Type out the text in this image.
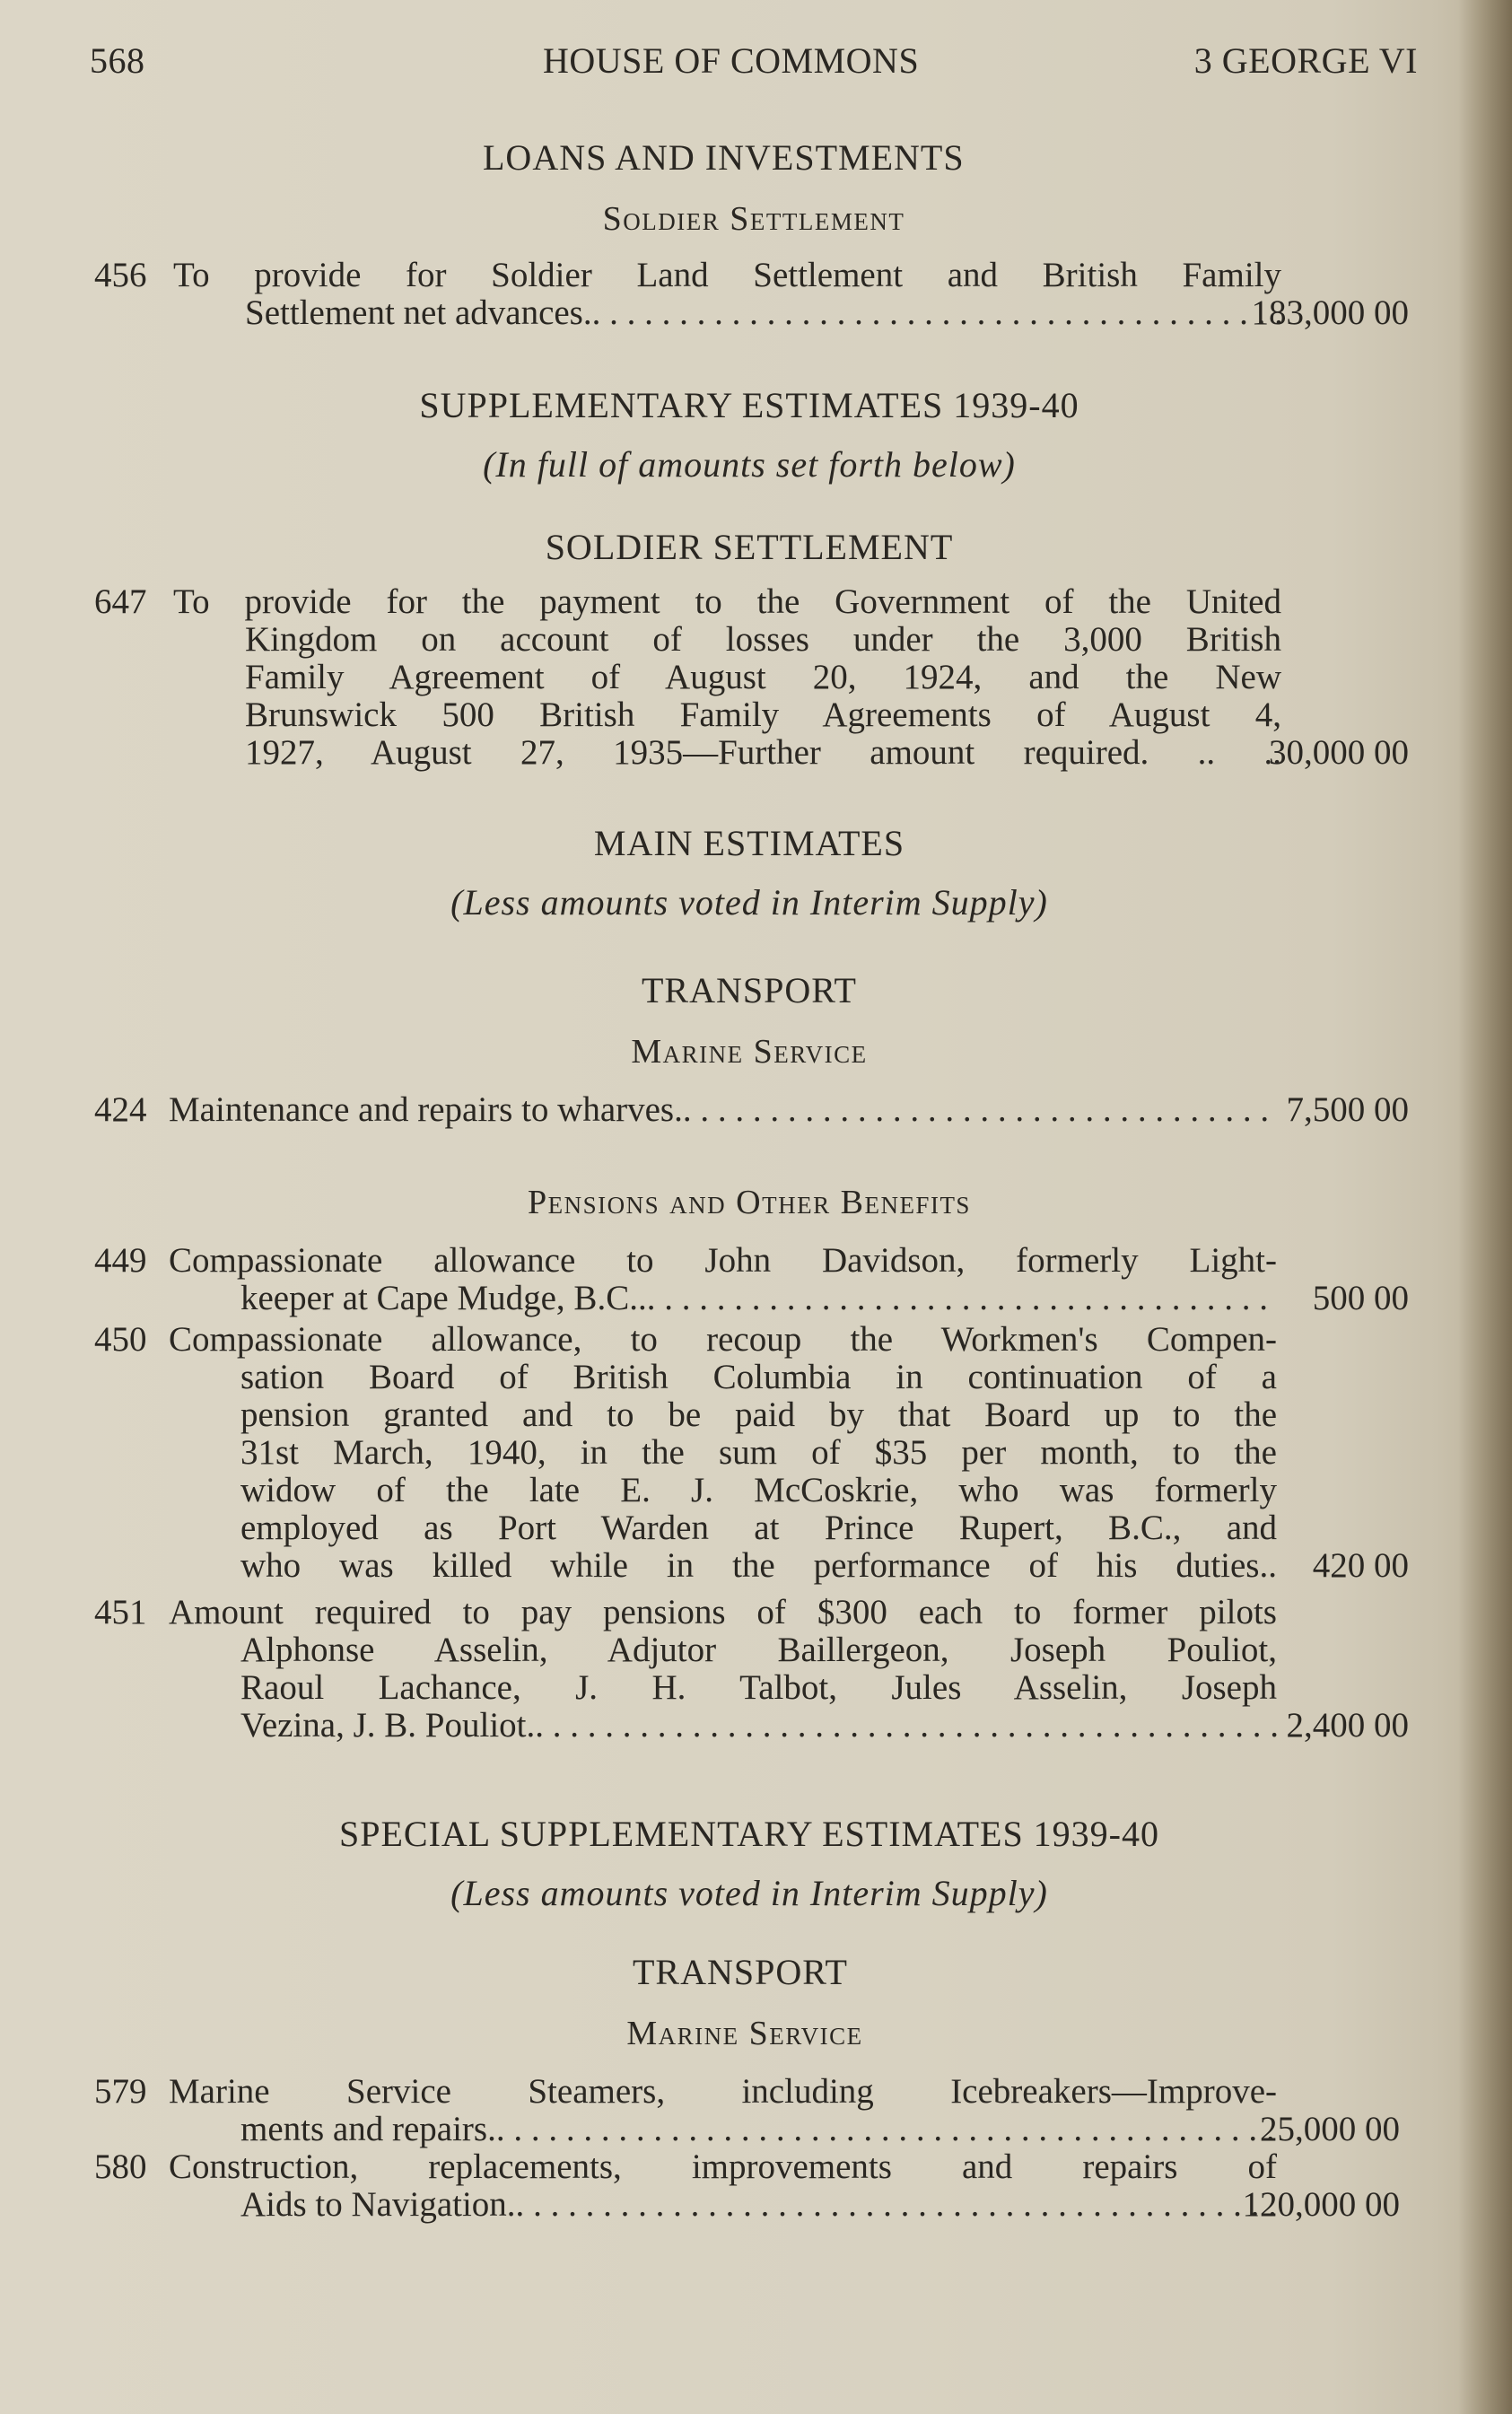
568	HOUSE OF COMMONS	3 GEORGE VI
LOANS AND INVESTMENTS
Soldier Settlement
456 To provide for Soldier Land Settlement and British Family
Settlement net advances.. . . .	183,000 00
SUPPLEMENTARY ESTIMATES 1939-40
(In full of amounts set forth below)
SOLDIER SETTLEMENT
647 To provide for the payment to the Government of the United
Kingdom on account of losses under the 3,000 British
Family Agreement of August 20, 1924, and the New
Brunswick 500 British Family Agreements of August 4,
1927, August 27, 1935—Further amount required. .. ..
30,000 00
MAIN ESTIMATES
(Less amounts voted in Interim Supply)
TRANSPORT
Marine Service
424 Maintenance and repairs to wharves.. . . .	7,500 00
Pensions and Other Benefits
449 Compassionate allowance to John Davidson, formerly Light-
keeper at Cape Mudge, B.C... . . .	500 00
450 Compassionate allowance, to recoup the Workmen's Compen-
sation Board of British Columbia in continuation of a
pension granted and to be paid by that Board up to the
31st March, 1940, in the sum of $35 per month, to the
widow of the late E. J. McCoskrie, who was formerly
employed as Port Warden at Prince Rupert, B.C., and
who was killed while in the performance of his duties.. 420 00
451 Amount required to pay pensions of $300 each to former pilots
Alphonse Asselin, Adjutor Baillergeon, Joseph Pouliot,
Raoul Lachance, J. H. Talbot, Jules Asselin, Joseph
Vezina, J. B. Pouliot.. . . .	2,400 00
SPECIAL SUPPLEMENTARY ESTIMATES 1939-40
(Less amounts voted in Interim Supply)
TRANSPORT
Marine Service
579 Marine Service Steamers, including Icebreakers—Improve-
ments and repairs.. . . .	25,000 00
580 Construction, replacements, improvements and repairs of
Aids to Navigation.. . . .	120,000 00
